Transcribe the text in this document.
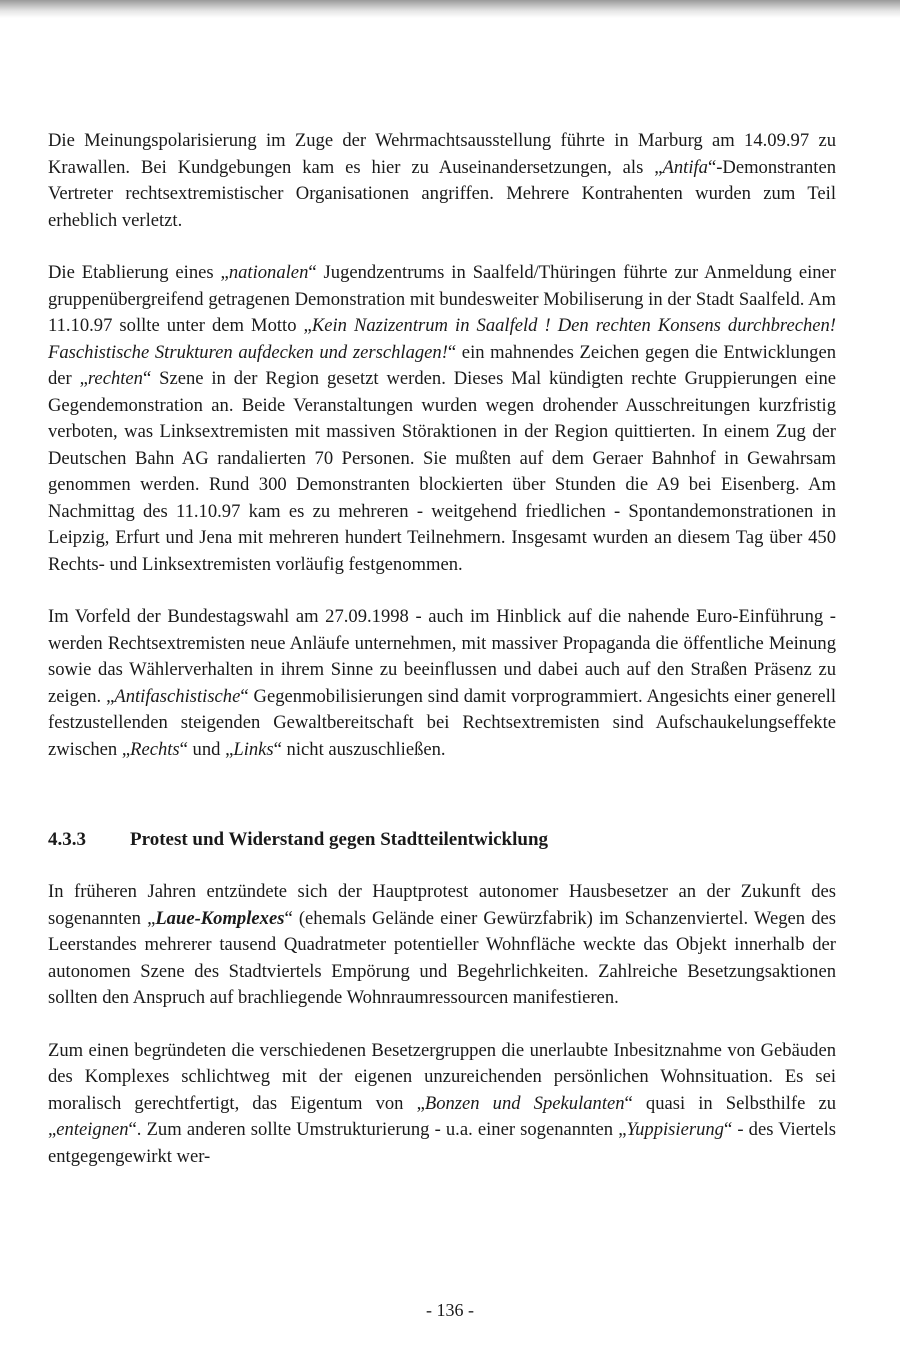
Die Meinungspolarisierung im Zuge der Wehrmachtsausstellung führte in Marburg am 14.09.97 zu Krawallen. Bei Kundgebungen kam es hier zu Auseinandersetzungen, als „Antifa“-Demonstranten Vertreter rechtsextremistischer Organisationen angriffen. Mehrere Kontrahenten wurden zum Teil erheblich verletzt.

Die Etablierung eines „nationalen“ Jugendzentrums in Saalfeld/Thüringen führte zur Anmeldung einer gruppenübergreifend getragenen Demonstration mit bundesweiter Mobiliserung in der Stadt Saalfeld. Am 11.10.97 sollte unter dem Motto „Kein Nazizentrum in Saalfeld ! Den rechten Konsens durchbrechen! Faschistische Strukturen aufdecken und zerschlagen!“ ein mahnendes Zeichen gegen die Entwicklungen der „rechten“ Szene in der Region gesetzt werden. Dieses Mal kündigten rechte Gruppierungen eine Gegendemonstration an. Beide Veranstaltungen wurden wegen drohender Ausschreitungen kurzfristig verboten, was Linksextremisten mit massiven Störaktionen in der Region quittierten. In einem Zug der Deutschen Bahn AG randalierten 70 Personen. Sie mußten auf dem Geraer Bahnhof in Gewahrsam genommen werden. Rund 300 Demonstranten blockierten über Stunden die A9 bei Eisenberg. Am Nachmittag des 11.10.97 kam es zu mehreren - weitgehend friedlichen - Spontandemonstrationen in Leipzig, Erfurt und Jena mit mehreren hundert Teilnehmern. Insgesamt wurden an diesem Tag über 450 Rechts- und Linksextremisten vorläufig festgenommen.

Im Vorfeld der Bundestagswahl am 27.09.1998 - auch im Hinblick auf die nahende Euro-Einführung - werden Rechtsextremisten neue Anläufe unternehmen, mit massiver Propaganda die öffentliche Meinung sowie das Wählerverhalten in ihrem Sinne zu beeinflussen und dabei auch auf den Straßen Präsenz zu zeigen. „Antifaschistische“ Gegenmobilisierungen sind damit vorprogrammiert. Angesichts einer generell festzustellenden steigenden Gewaltbereitschaft bei Rechtsextremisten sind Aufschaukelungseffekte zwischen „Rechts“ und „Links“ nicht auszuschließen.

4.3.3	Protest und Widerstand gegen Stadtteilentwicklung

In früheren Jahren entzündete sich der Hauptprotest autonomer Hausbesetzer an der Zukunft des sogenannten „Laue-Komplexes“ (ehemals Gelände einer Gewürzfabrik) im Schanzenviertel. Wegen des Leerstandes mehrerer tausend Quadratmeter potentieller Wohnfläche weckte das Objekt innerhalb der autonomen Szene des Stadtviertels Empörung und Begehrlichkeiten. Zahlreiche Besetzungsaktionen sollten den Anspruch auf brachliegende Wohnraumressourcen manifestieren.

Zum einen begründeten die verschiedenen Besetzergruppen die unerlaubte Inbesitznahme von Gebäuden des Komplexes schlichtweg mit der eigenen unzureichenden persönlichen Wohnsituation. Es sei moralisch gerechtfertigt, das Eigentum von „Bonzen und Spekulanten“ quasi in Selbsthilfe zu „enteignen“. Zum anderen sollte Umstrukturierung - u.a. einer sogenannten „Yuppisierung“ - des Viertels entgegengewirkt wer-

- 136 -
